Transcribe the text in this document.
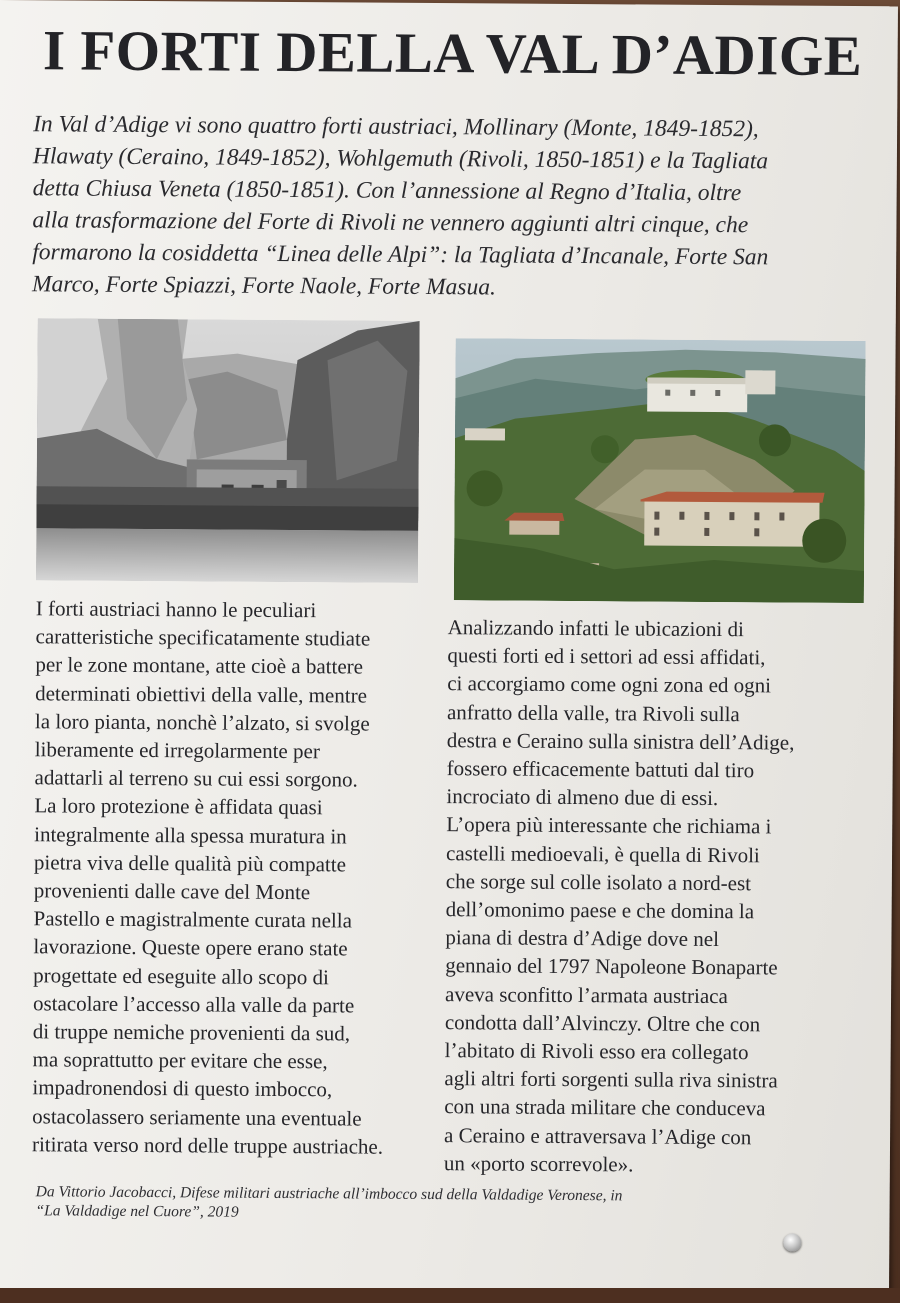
I FORTI DELLA VAL D’ADIGE
In Val d’Adige vi sono quattro forti austriaci, Mollinary (Monte, 1849-1852),
Hlawaty (Ceraino, 1849-1852), Wohlgemuth (Rivoli, 1850-1851) e la Tagliata
detta Chiusa Veneta (1850-1851). Con l’annessione al Regno d’Italia, oltre
alla trasformazione del Forte di Rivoli ne vennero aggiunti altri cinque, che
formarono la cosiddetta “Linea delle Alpi”: la Tagliata d’Incanale, Forte San
Marco, Forte Spiazzi, Forte Naole, Forte Masua.
I forti austriaci hanno le peculiari
caratteristiche specificatamente studiate
per le zone montane, atte cioè a battere
determinati obiettivi della valle, mentre
la loro pianta, nonchè l’alzato, si svolge
liberamente ed irregolarmente per
adattarli al terreno su cui essi sorgono.
La loro protezione è affidata quasi
integralmente alla spessa muratura in
pietra viva delle qualità più compatte
provenienti dalle cave del Monte
Pastello e magistralmente curata nella
lavorazione. Queste opere erano state
progettate ed eseguite allo scopo di
ostacolare l’accesso alla valle da parte
di truppe nemiche provenienti da sud,
ma soprattutto per evitare che esse,
impadronendosi di questo imbocco,
ostacolassero seriamente una eventuale
ritirata verso nord delle truppe austriache.
Analizzando infatti le ubicazioni di
questi forti ed i settori ad essi affidati,
ci accorgiamo come ogni zona ed ogni
anfratto della valle, tra Rivoli sulla
destra e Ceraino sulla sinistra dell’Adige,
fossero efficacemente battuti dal tiro
incrociato di almeno due di essi.
L’opera più interessante che richiama i
castelli medioevali, è quella di Rivoli
che sorge sul colle isolato a nord-est
dell’omonimo paese e che domina la
piana di destra d’Adige dove nel
gennaio del 1797 Napoleone Bonaparte
aveva sconfitto l’armata austriaca
condotta dall’Alvinczy. Oltre che con
l’abitato di Rivoli esso era collegato
agli altri forti sorgenti sulla riva sinistra
con una strada militare che conduceva
a Ceraino e attraversava l’Adige con
un «porto scorrevole».
Da Vittorio Jacobacci, Difese militari austriache all’imbocco sud della Valdadige Veronese, in
“La Valdadige nel Cuore”, 2019
